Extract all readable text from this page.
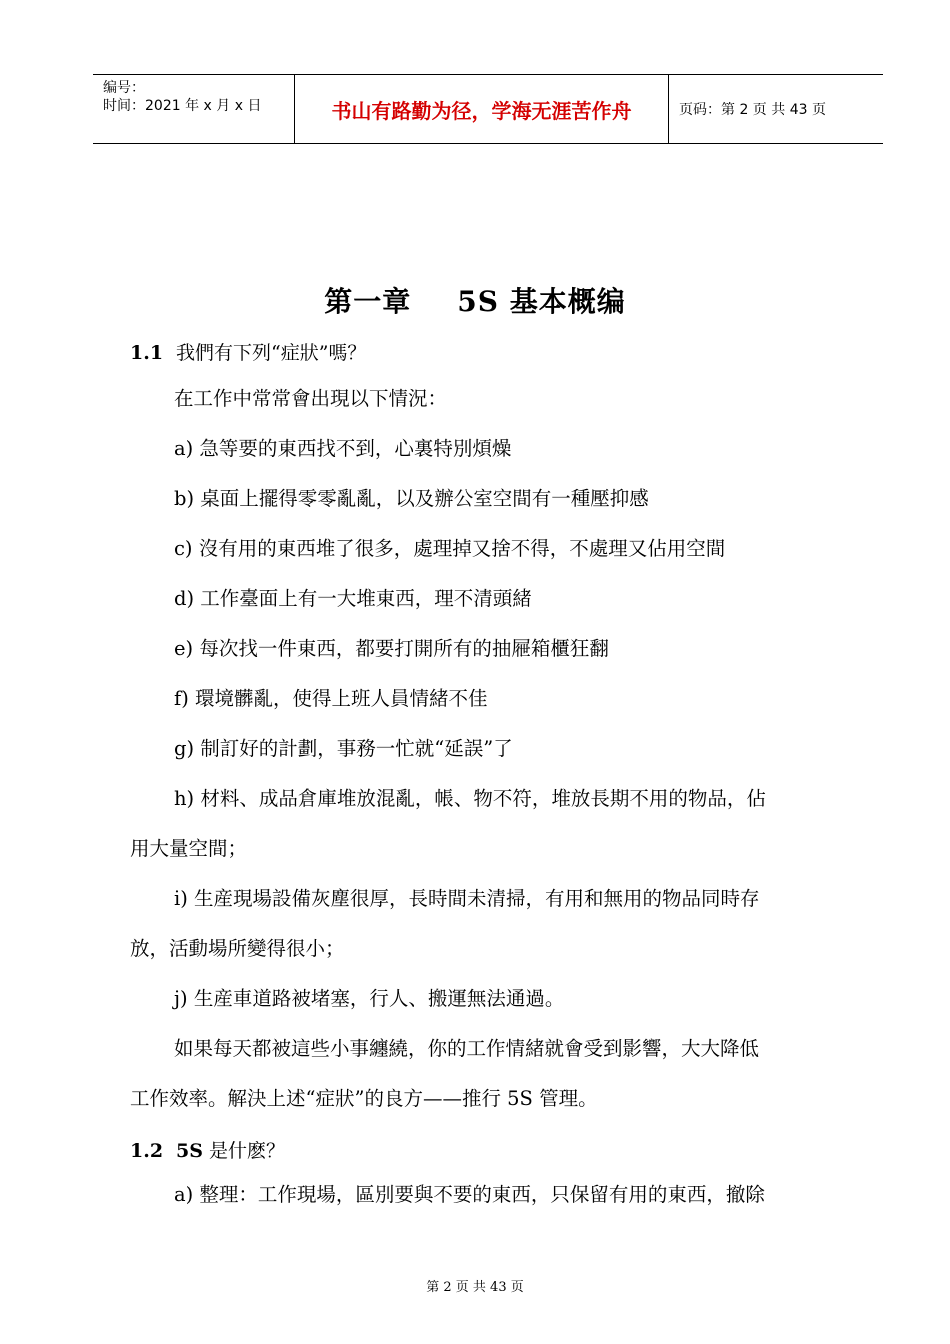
编号：
时间：2021 年 x 月 x 日	书山有路勤为径，学海无涯苦作舟	页码：第 2 页 共 43 页
第一章 5S 基本概编
1.1 我們有下列“症狀”嗎？
在工作中常常會出現以下情況：
a) 急等要的東西找不到，心裏特別煩燥
b) 桌面上擺得零零亂亂，以及辦公室空間有一種壓抑感
c) 沒有用的東西堆了很多，處理掉又捨不得，不處理又佔用空間
d) 工作臺面上有一大堆東西，理不清頭緒
e) 每次找一件東西，都要打開所有的抽屜箱櫃狂翻
f) 環境髒亂，使得上班人員情緒不佳
g) 制訂好的計劃，事務一忙就“延誤”了
h) 材料、成品倉庫堆放混亂，帳、物不符，堆放長期不用的物品，佔
用大量空間；
i) 生産現場設備灰塵很厚，長時間未清掃，有用和無用的物品同時存
放，活動場所變得很小；
j) 生産車道路被堵塞，行人、搬運無法通過。
如果每天都被這些小事纏繞，你的工作情緒就會受到影響，大大降低
工作效率。解決上述“症狀”的良方——推行 5S 管理。
1.2 5S 是什麽？
a) 整理：工作現場，區別要與不要的東西，只保留有用的東西，撤除
第 2 页 共 43 页
